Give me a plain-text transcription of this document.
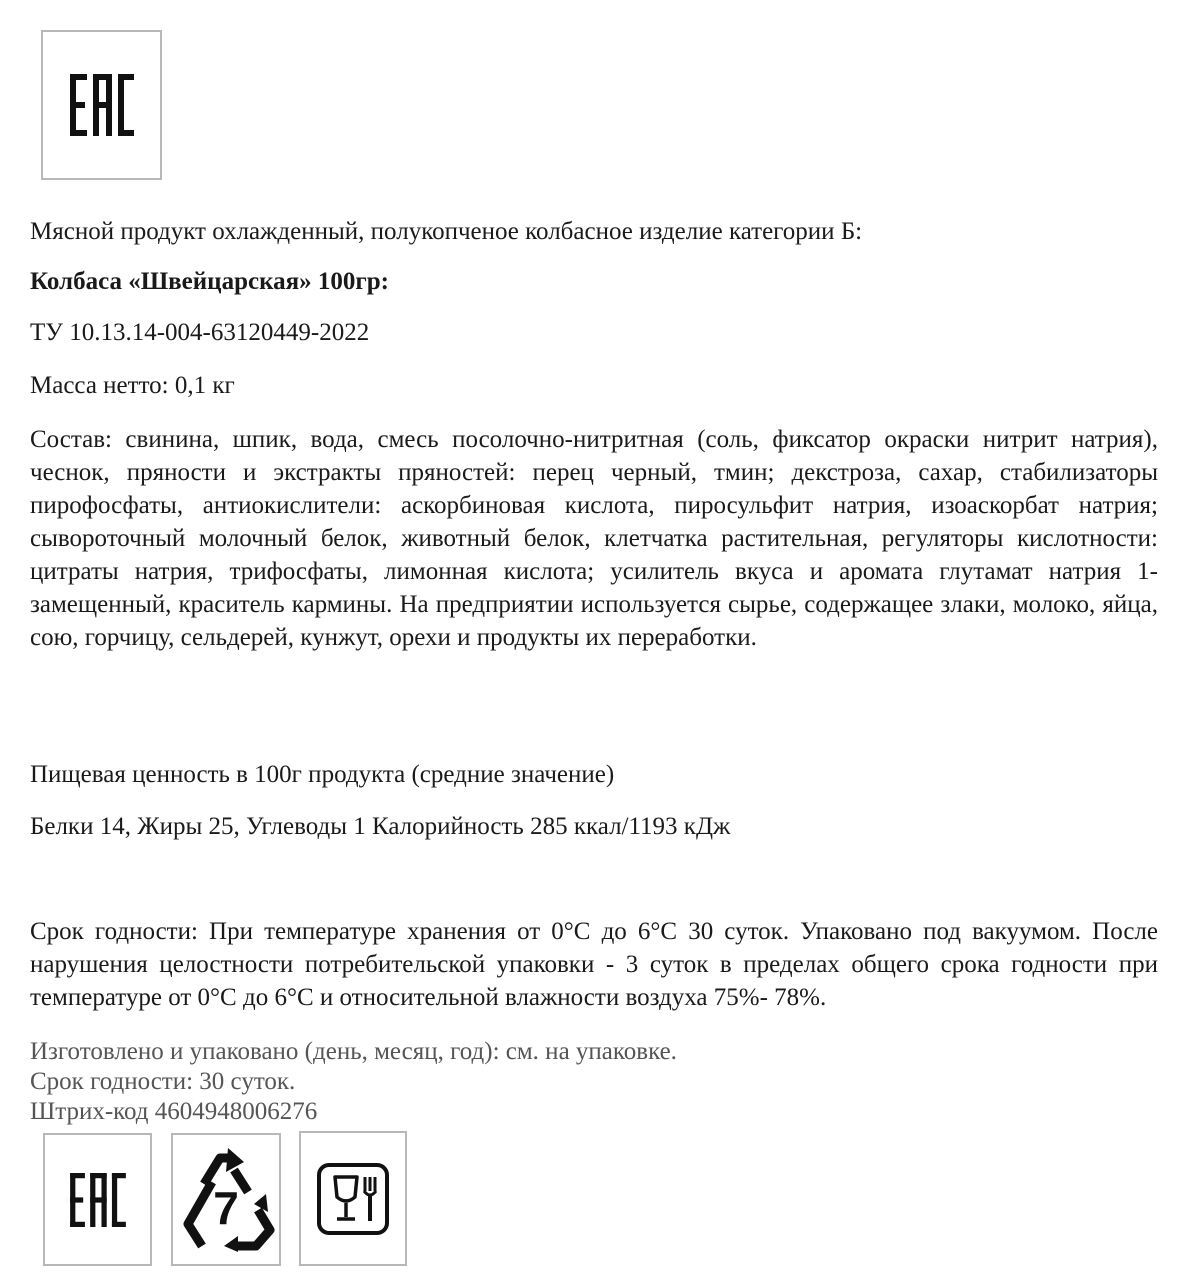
Мясной продукт охлажденный, полукопченое колбасное изделие категории Б:
Колбаса «Швейцарская» 100гр:
ТУ 10.13.14-004-63120449-2022
Масса нетто: 0,1 кг
Состав: свинина, шпик, вода, смесь посолочно-нитритная (соль, фиксатор окраски нитрит натрия), чеснок, пряности и экстракты пряностей: перец черный, тмин; декстроза, сахар, стабилизаторы пирофосфаты, антиокислители: аскорбиновая кислота, пиросульфит натрия, изоаскорбат натрия; сывороточный молочный белок, животный белок, клетчатка растительная, регуляторы кислотности: цитраты натрия, трифосфаты, лимонная кислота; усилитель вкуса и аромата глутамат натрия 1-замещенный, краситель кармины. На предприятии используется сырье, содержащее злаки, молоко, яйца, сою, горчицу, сельдерей, кунжут, орехи и продукты их переработки.
Пищевая ценность в 100г продукта (средние значение)
Белки 14, Жиры 25, Углеводы 1 Калорийность 285 ккал/1193 кДж
Срок годности: При температуре хранения от 0°С до 6°С 30 суток. Упаковано под вакуумом. После нарушения целостности потребительской упаковки - 3 суток в пределах общего срока годности при температуре от 0°С до 6°С и относительной влажности воздуха 75%- 78%.
Изготовлено и упаковано (день, месяц, год): см. на упаковке.
Срок годности: 30 суток.
Штрих-код 4604948006276
7
